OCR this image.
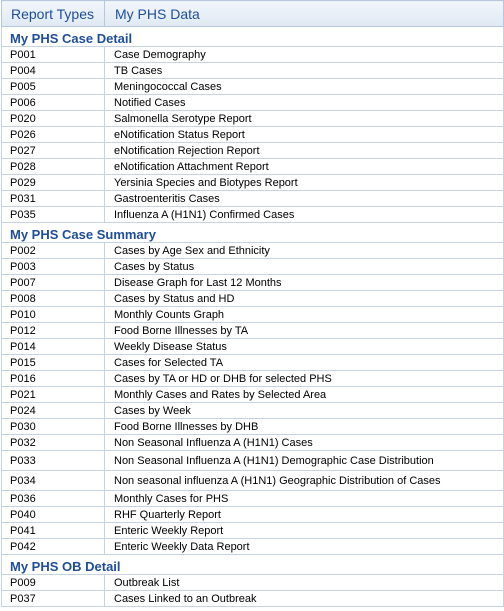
Report Types	My PHS Data
My PHS Case Detail	
P001	Case Demography
P004	TB Cases
P005	Meningococcal Cases
P006	Notified Cases
P020	Salmonella Serotype Report
P026	eNotification Status Report
P027	eNotification Rejection Report
P028	eNotification Attachment Report
P029	Yersinia Species and Biotypes Report
P031	Gastroenteritis Cases
P035	Influenza A (H1N1) Confirmed Cases
My PHS Case Summary	
P002	Cases by Age Sex and Ethnicity
P003	Cases by Status
P007	Disease Graph for Last 12 Months
P008	Cases by Status and HD
P010	Monthly Counts Graph
P012	Food Borne Illnesses by TA
P014	Weekly Disease Status
P015	Cases for Selected TA
P016	Cases by TA or HD or DHB for selected PHS
P021	Monthly Cases and Rates by Selected Area
P024	Cases by Week
P030	Food Borne Illnesses by DHB
P032	Non Seasonal Influenza A (H1N1) Cases
P033	Non Seasonal Influenza A (H1N1) Demographic Case Distribution
P034	Non seasonal influenza A (H1N1) Geographic Distribution of Cases
P036	Monthly Cases for PHS
P040	RHF Quarterly Report
P041	Enteric Weekly Report
P042	Enteric Weekly Data Report
My PHS OB Detail	
P009	Outbreak List
P037	Cases Linked to an Outbreak
